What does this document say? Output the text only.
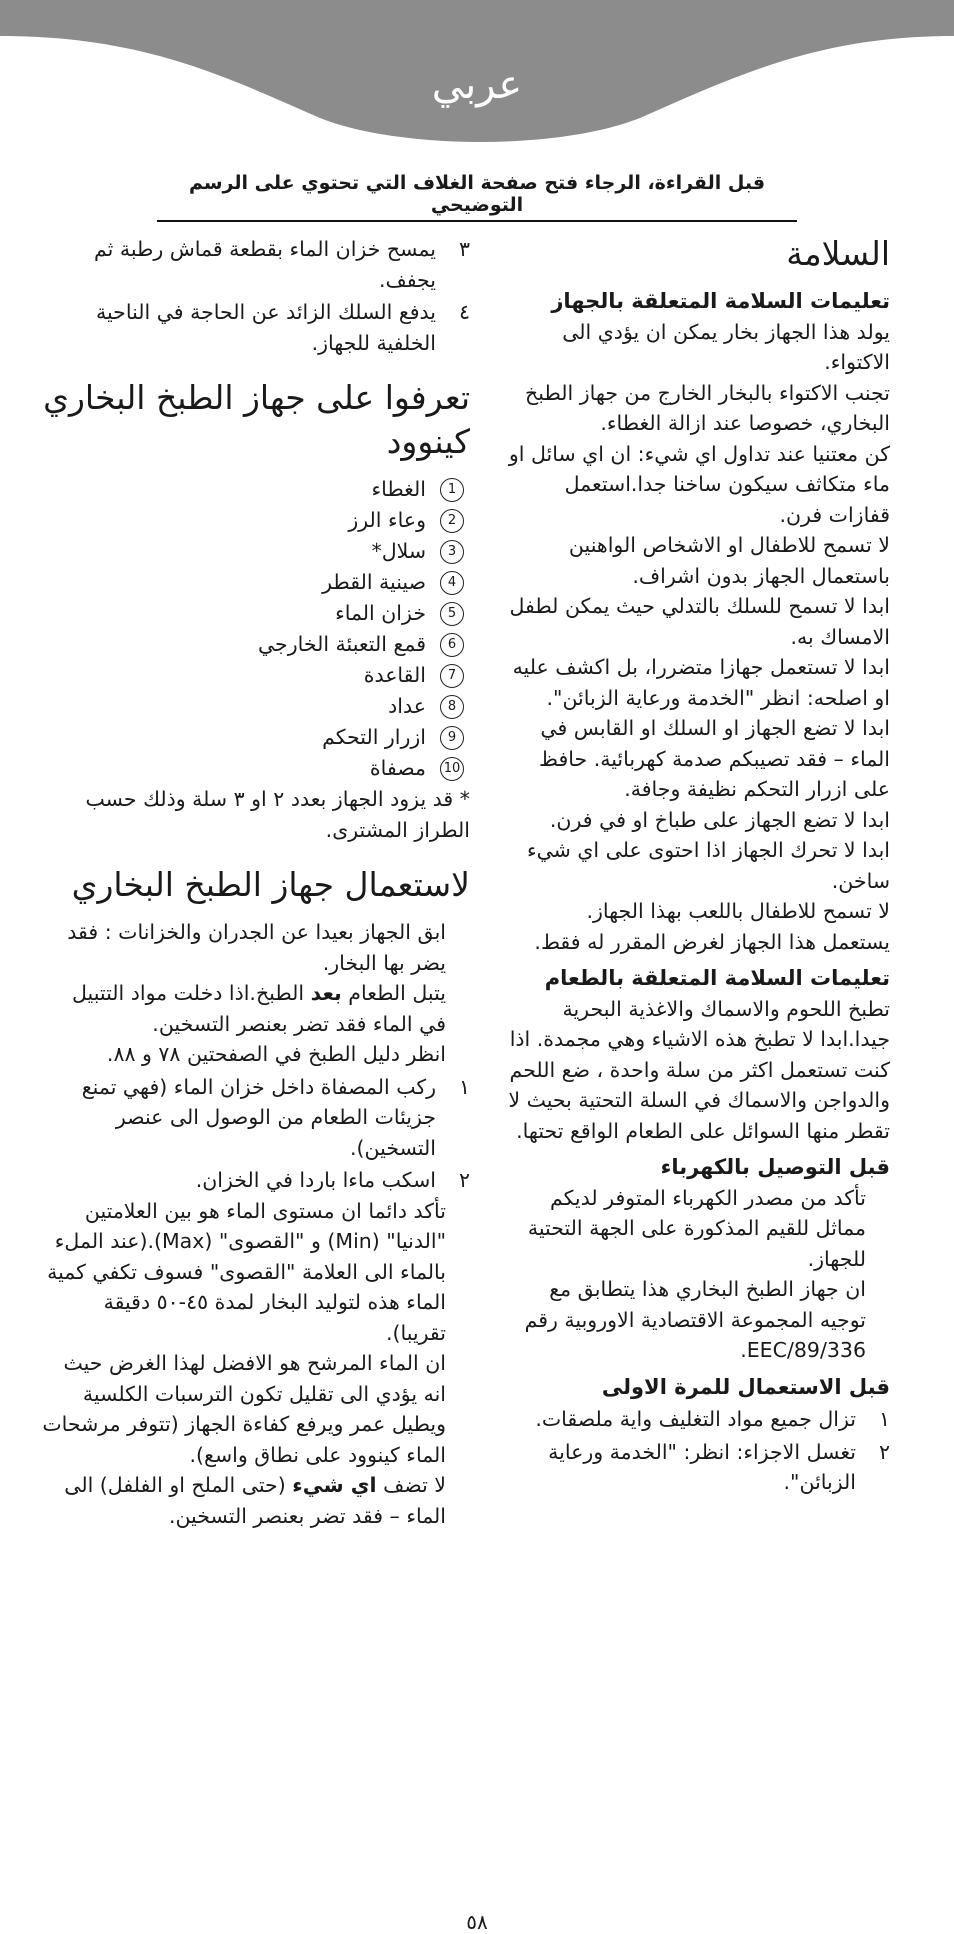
عربي
قبل القراءة، الرجاء فتح صفحة الغلاف التي تحتوي على الرسم التوضيحي
السلامة

تعليمات السلامة المتعلقة بالجهاز

يولد هذا الجهاز بخار يمكن ان يؤدي الى الاكتواء.

تجنب الاكتواء بالبخار الخارج من جهاز الطبخ البخاري، خصوصا عند ازالة الغطاء.

كن معتنيا عند تداول اي شيء: ان اي سائل او ماء متكاثف سيكون ساخنا جدا.استعمل قفازات فرن.

لا تسمح للاطفال او الاشخاص الواهنين باستعمال الجهاز بدون اشراف.

ابدا لا تسمح للسلك بالتدلي حيث يمكن لطفل الامساك به.

ابدا لا تستعمل جهازا متضررا، بل اكشف عليه او اصلحه: انظر "الخدمة ورعاية الزبائن".

ابدا لا تضع الجهاز او السلك او القابس في الماء – فقد تصيبكم صدمة كهربائية. حافظ على ازرار التحكم نظيفة وجافة.

ابدا لا تضع الجهاز على طباخ او في فرن.

ابدا لا تحرك الجهاز اذا احتوى على اي شيء ساخن.

لا تسمح للاطفال باللعب بهذا الجهاز.

يستعمل هذا الجهاز لغرض المقرر له فقط.

تعليمات السلامة المتعلقة بالطعام

تطبخ اللحوم والاسماك والاغذية البحرية جيدا.ابدا لا تطبخ هذه الاشياء وهي مجمدة. اذا كنت تستعمل اكثر من سلة واحدة ، ضع اللحم والدواجن والاسماك في السلة التحتية بحيث لا تقطر منها السوائل على الطعام الواقع تحتها.

قبل التوصيل بالكهرباء

تأكد من مصدر الكهرباء المتوفر لديكم مماثل للقيم المذكورة على الجهة التحتية للجهاز.

ان جهاز الطبخ البخاري هذا يتطابق مع توجيه المجموعة الاقتصادية الاوروبية رقم 89/336/EEC.

قبل الاستعمال للمرة الاولى

١
تزال جميع مواد التغليف واية ملصقات.
٢
تغسل الاجزاء: انظر: "الخدمة ورعاية الزبائن".
٣
يمسح خزان الماء بقطعة قماش رطبة ثم يجفف.
٤
يدفع السلك الزائد عن الحاجة في الناحية الخلفية للجهاز.
تعرفوا على جهاز الطبخ البخاري كينوود
1
الغطاء
2
وعاء الرز
3
سلال*
4
صينية القطر
5
خزان الماء
6
قمع التعبئة الخارجي
7
القاعدة
8
عداد
9
ازرار التحكم
10
مصفاة

* قد يزود الجهاز بعدد ٢ او ٣ سلة وذلك حسب الطراز المشترى.

لاستعمال جهاز الطبخ البخاري

ابق الجهاز بعيدا عن الجدران والخزانات : فقد يضر بها البخار.

يتبل الطعام بعد الطبخ.اذا دخلت مواد التتبيل في الماء فقد تضر بعنصر التسخين.

انظر دليل الطبخ في الصفحتين ٧٨ و ٨٨.

١
ركب المصفاة داخل خزان الماء (فهي تمنع جزيئات الطعام من الوصول الى عنصر التسخين).
٢
اسكب ماءا باردا في الخزان.

تأكد دائما ان مستوى الماء هو بين العلامتين "الدنيا" (Min) و "القصوى" (Max).(عند الملء بالماء الى العلامة "القصوى" فسوف تكفي كمية الماء هذه لتوليد البخار لمدة ٤٥-٥٠ دقيقة تقريبا).

ان الماء المرشح هو الافضل لهذا الغرض حيث انه يؤدي الى تقليل تكون الترسبات الكلسية ويطيل عمر ويرفع كفاءة الجهاز (تتوفر مرشحات الماء كينوود على نطاق واسع).

لا تضف اي شيء (حتى الملح او الفلفل) الى الماء – فقد تضر بعنصر التسخين.

٥٨
